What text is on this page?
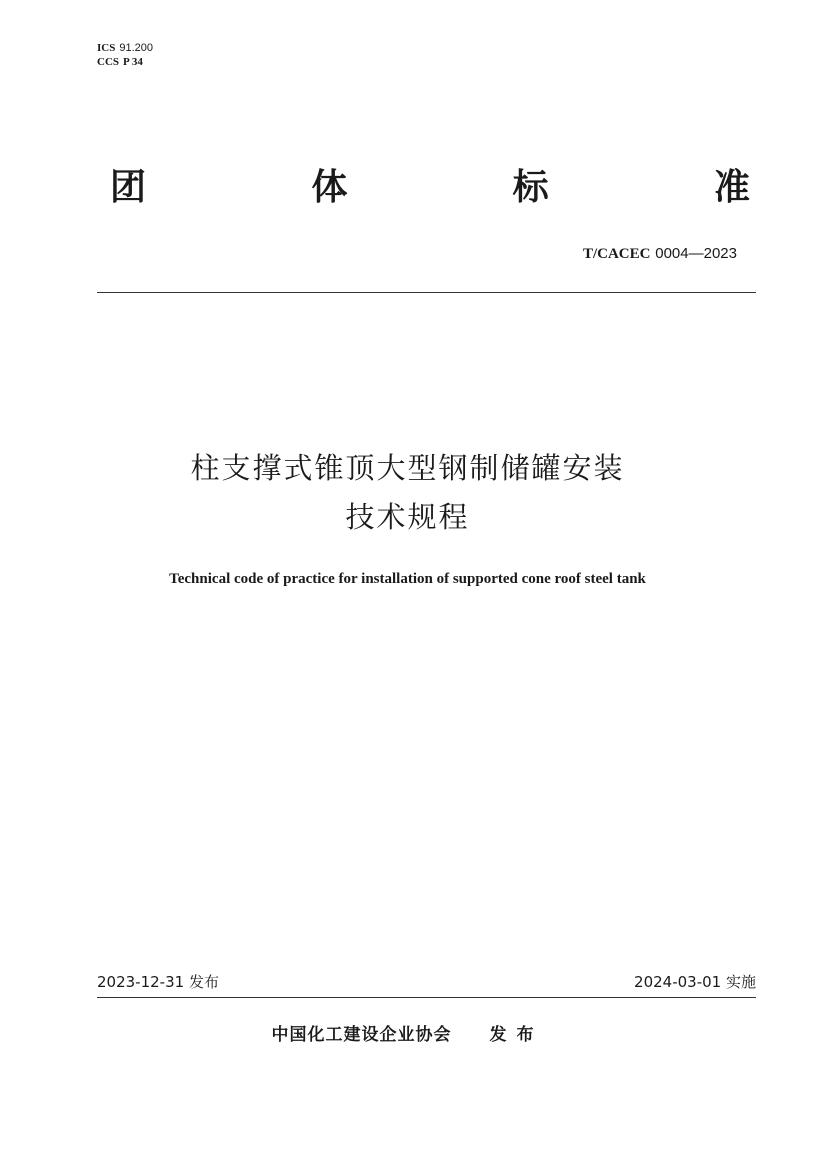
ICS 91.200
CCS P 34
团	体	标	准
T/CACEC 0004—2023
柱支撑式锥顶大型钢制储罐安装
技术规程
Technical code of practice for installation of supported cone roof steel tank
2023-12-31 发布	2024-03-01 实施
中国化工建设企业协会 发布
